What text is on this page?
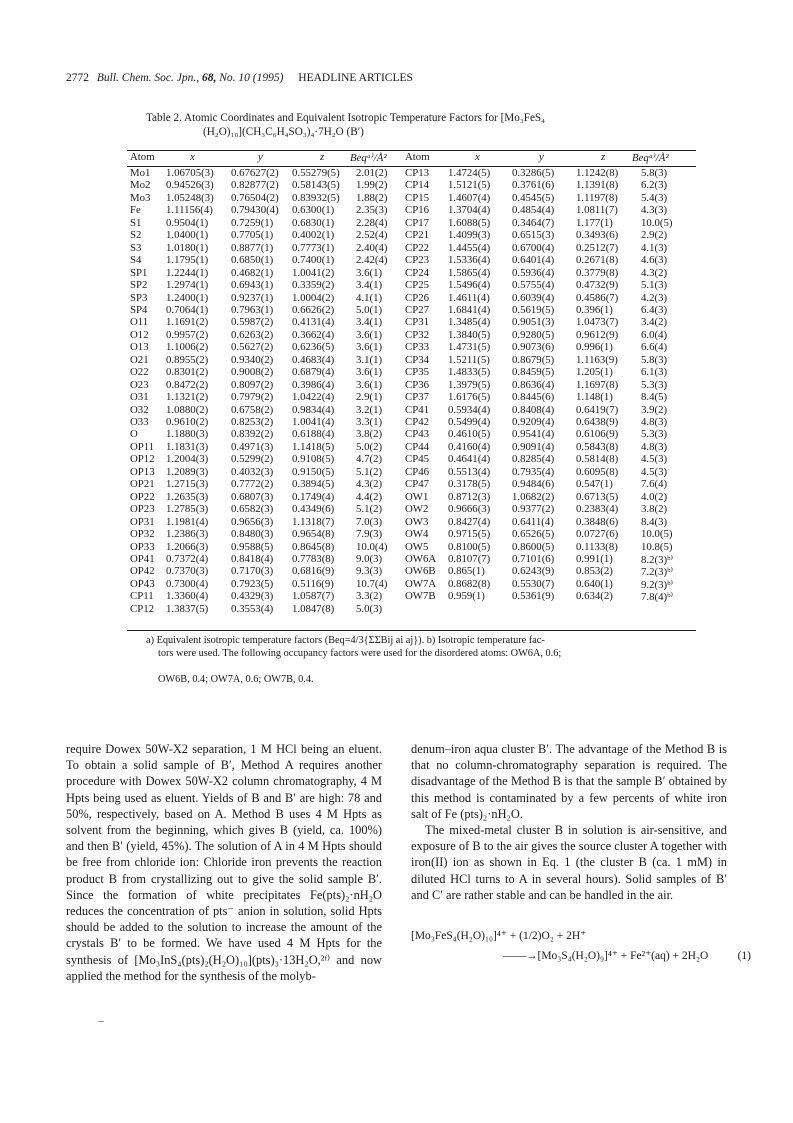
2772 Bull. Chem. Soc. Jpn., 68, No. 10 (1995) HEADLINE ARTICLES
Table 2. Atomic Coordinates and Equivalent Isotropic Temperature Factors for [Mo₃FeS₄
(H₂O)₁₀](CH₃C₆H₄SO₃)₄·7H₂O (B′)
Atom	x	y	z Beqᵃ⁾/Å² Atom	x	y	z Beqᵃ⁾/Å²
Mo1 1.06705(3) 0.67627(2) 0.55279(5) 2.01(2) CP13 1.4724(5) 0.3286(5) 1.1242(8) 5.8(3)
Mo2 0.94526(3) 0.82877(2) 0.58143(5) 1.99(2) CP14 1.5121(5) 0.3761(6) 1.1391(8) 6.2(3)
Mo3 1.05248(3) 0.76504(2) 0.83932(5) 1.88(2) CP15 1.4607(4) 0.4545(5) 1.1197(8) 5.4(3)
Fe 1.11156(4) 0.79430(4) 0.6300(1) 2.35(3) CP16 1.3704(4) 0.4854(4) 1.0811(7) 4.3(3)
S1 0.9504(1) 0.7259(1) 0.6830(1) 2.28(4) CP17 1.6088(5) 0.3464(7) 1.177(1)	10.0(5)
S2 1.0400(1) 0.7705(1) 0.4002(1) 2.52(4) CP21 1.4099(3) 0.6515(3) 0.3493(6) 2.9(2)
S3 1.0180(1) 0.8877(1) 0.7773(1) 2.40(4) CP22 1.4455(4) 0.6700(4) 0.2512(7) 4.1(3)
S4 1.1795(1) 0.6850(1) 0.7400(1) 2.42(4) CP23 1.5336(4) 0.6401(4) 0.2671(8) 4.6(3)
SP1 1.2244(1) 0.4682(1) 1.0041(2) 3.6(1) CP24 1.5865(4) 0.5936(4) 0.3779(8) 4.3(2)
SP2 1.2974(1) 0.6943(1) 0.3359(2) 3.4(1) CP25 1.5496(4) 0.5755(4) 0.4732(9) 5.1(3)
SP3 1.2400(1) 0.9237(1) 1.0004(2) 4.1(1) CP26 1.4611(4) 0.6039(4) 0.4586(7) 4.2(3)
SP4 0.7064(1) 0.7963(1) 0.6626(2) 5.0(1) CP27 1.6841(4) 0.5619(5) 0.396(1)	6.4(3)
O11 1.1691(2) 0.5987(2) 0.4131(4) 3.4(1) CP31 1.3485(4) 0.9051(3) 1.0473(7) 3.4(2)
O12 0.9957(2) 0.6263(2) 0.3662(4) 3.6(1) CP32 1.3840(5) 0.9280(5) 0.9612(9) 6.0(4)
O13 1.1006(2) 0.5627(2) 0.6236(5) 3.6(1) CP33 1.4731(5) 0.9073(6) 0.996(1)	6.6(4)
O21 0.8955(2) 0.9340(2) 0.4683(4) 3.1(1) CP34 1.5211(5) 0.8679(5) 1.1163(9) 5.8(3)
O22 0.8301(2) 0.9008(2) 0.6879(4) 3.6(1) CP35 1.4833(5) 0.8459(5) 1.205(1)	6.1(3)
O23 0.8472(2) 0.8097(2) 0.3986(4) 3.6(1) CP36 1.3979(5) 0.8636(4) 1.1697(8) 5.3(3)
O31 1.1321(2) 0.7979(2) 1.0422(4) 2.9(1) CP37 1.6176(5) 0.8445(6) 1.148(1)	8.4(5)
O32 1.0880(2) 0.6758(2) 0.9834(4) 3.2(1) CP41 0.5934(4) 0.8408(4) 0.6419(7) 3.9(2)
O33 0.9610(2) 0.8253(2) 1.0041(4) 3.3(1) CP42 0.5499(4) 0.9209(4) 0.6438(9) 4.8(3)
O	1.1880(3) 0.8392(2) 0.6188(4) 3.8(2) CP43 0.4610(5) 0.9541(4) 0.6106(9) 5.3(3)
OP11 1.1831(3) 0.4971(3) 1.1418(5) 5.0(2) CP44 0.4160(4) 0.9091(4) 0.5843(8) 4.8(3)
OP12 1.2004(3) 0.5299(2) 0.9108(5) 4.7(2) CP45 0.4641(4) 0.8285(4) 0.5814(8) 4.5(3)
OP13 1.2089(3) 0.4032(3) 0.9150(5) 5.1(2) CP46 0.5513(4) 0.7935(4) 0.6095(8) 4.5(3)
OP21 1.2715(3) 0.7772(2) 0.3894(5) 4.3(2) CP47 0.3178(5) 0.9484(6) 0.547(1)	7.6(4)
OP22 1.2635(3) 0.6807(3) 0.1749(4) 4.4(2) OW1 0.8712(3) 1.0682(2) 0.6713(5) 4.0(2)
OP23 1.2785(3) 0.6582(3) 0.4349(6) 5.1(2) OW2 0.9666(3) 0.9377(2) 0.2383(4) 3.8(2)
OP31 1.1981(4) 0.9656(3) 1.1318(7) 7.0(3) OW3 0.8427(4) 0.6411(4) 0.3848(6) 8.4(3)
OP32 1.2386(3) 0.8480(3) 0.9654(8) 7.9(3) OW4 0.9715(5) 0.6526(5) 0.0727(6) 10.0(5)
OP33 1.2066(3) 0.9588(5) 0.8645(8) 10.0(4) OW5 0.8100(5) 0.8600(5) 0.1133(8) 10.8(5)
OP41 0.7372(4) 0.8418(4) 0.7783(8) 9.0(3) OW6A 0.8107(7) 0.7101(6) 0.991(1)	8.2(3)ᵇ⁾
OP42 0.7370(3) 0.7170(3) 0.6816(9) 9.3(3) OW6B 0.865(1)	0.6243(9) 0.853(2)	7.2(3)ᵇ⁾
OP43 0.7300(4) 0.7923(5) 0.5116(9) 10.7(4) OW7A 0.8682(8) 0.5530(7) 0.640(1)	9.2(3)ᵇ⁾
CP11 1.3360(4) 0.4329(3) 1.0587(7) 3.3(2) OW7B 0.959(1)	0.5361(9) 0.634(2)	7.8(4)ᵇ⁾
CP12 1.3837(5) 0.3553(4) 1.0847(8) 5.0(3)
a) Equivalent isotropic temperature factors (Beq=4/3{ΣΣBij ai aj}). b) Isotropic temperature fac-

tors were used. The following occupancy factors were used for the disordered atoms: OW6A, 0.6;

OW6B, 0.4; OW7A, 0.6; OW7B, 0.4.

require Dowex 50W-X2 separation, 1 M HCl being an eluent. To obtain a solid sample of B′, Method A requires another procedure with Dowex 50W-X2 column chromatography, 4 M Hpts being used as eluent. Yields of B and B′ are high: 78 and 50%, respectively, based on A. Method B uses 4 M Hpts as solvent from the beginning, which gives B (yield, ca. 100%) and then B′ (yield, 45%). The solution of A in 4 M Hpts should be free from chloride ion: Chloride iron prevents the reaction product B from crystallizing out to give the solid sample B′. Since the formation of white precipitates Fe(pts)₂·nH₂O reduces the concentration of pts⁻ anion in solution, solid Hpts should be added to the solution to increase the amount of the crystals B′ to be formed. We have used 4 M Hpts for the synthesis of [Mo₃InS₄(pts)₂(H₂O)₁₀](pts)₃·13H₂O,²ᶠ⁾ and now applied the method for the synthesis of the molyb-

denum–iron aqua cluster B′. The advantage of the Method B is that no column-chromatography separation is required. The disadvantage of the Method B is that the sample B′ obtained by this method is contaminated by a few percents of white iron salt of Fe (pts)₂·nH₂O.

The mixed-metal cluster B in solution is air-sensitive, and exposure of B to the air gives the source cluster A together with iron(II) ion as shown in Eq. 1 (the cluster B (ca. 1 mM) in diluted HCl turns to A in several hours). Solid samples of B′ and C′ are rather stable and can be handled in the air.

[Mo₃FeS₄(H₂O)₁₀]⁴⁺ + (1/2)O₂ + 2H⁺
——→[Mo₃S₄(H₂O)₉]⁴⁺ + Fe²⁺(aq) + 2H₂O	(1)
